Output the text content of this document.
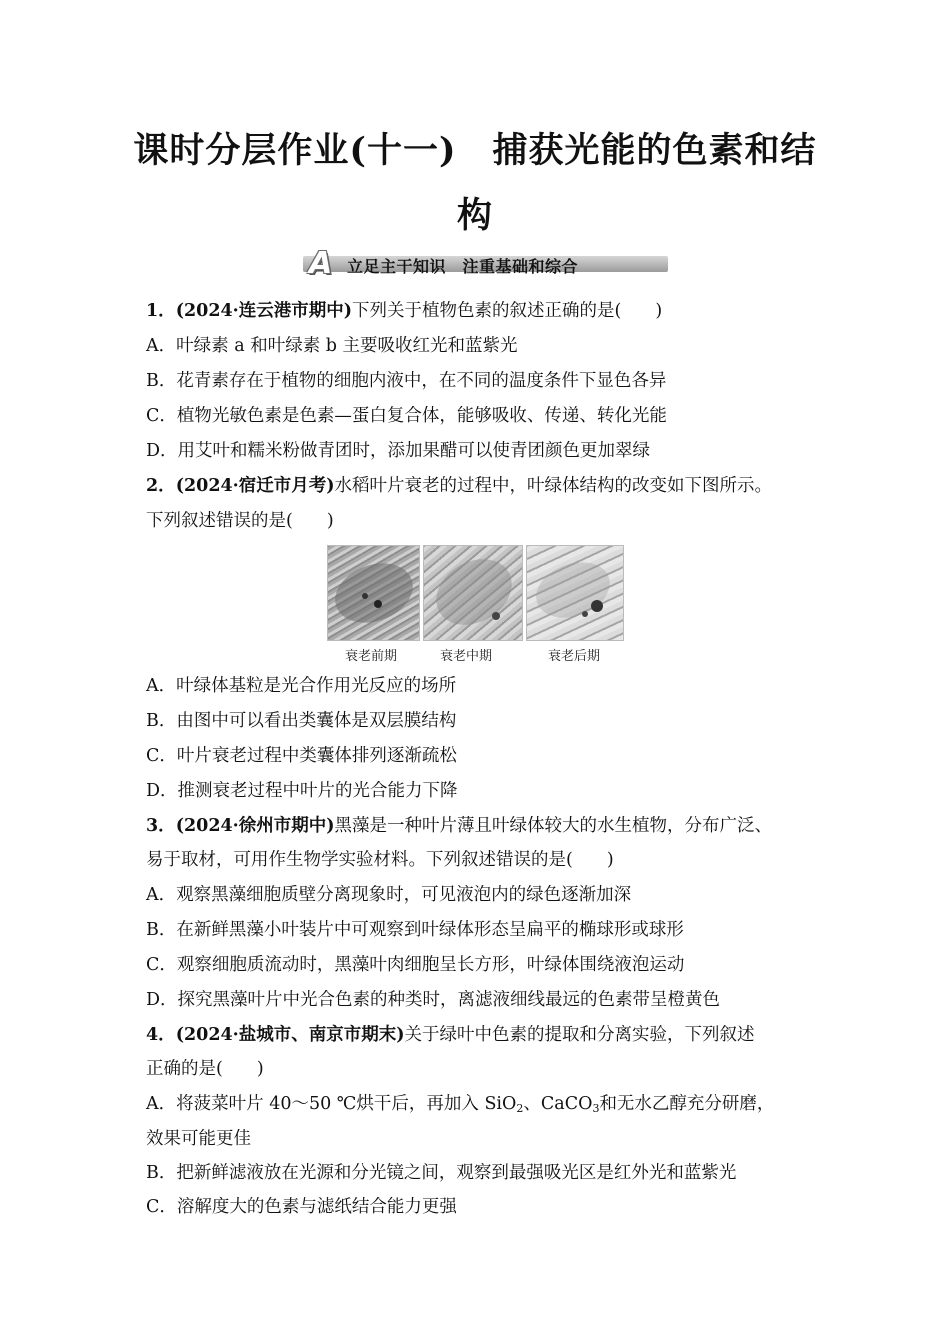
课时分层作业(十一) 捕获光能的色素和结
构
A 立足主干知识　注重基础和综合
1．(2024·连云港市期中)下列关于植物色素的叙述正确的是( )
A．叶绿素 a 和叶绿素 b 主要吸收红光和蓝紫光
B．花青素存在于植物的细胞内液中，在不同的温度条件下显色各异
C．植物光敏色素是色素—蛋白复合体，能够吸收、传递、转化光能
D．用艾叶和糯米粉做青团时，添加果醋可以使青团颜色更加翠绿
2．(2024·宿迁市月考)水稻叶片衰老的过程中，叶绿体结构的改变如下图所示。
下列叙述错误的是( )
衰老前期	衰老中期	衰老后期
A．叶绿体基粒是光合作用光反应的场所
B．由图中可以看出类囊体是双层膜结构
C．叶片衰老过程中类囊体排列逐渐疏松
D．推测衰老过程中叶片的光合能力下降
3．(2024·徐州市期中)黑藻是一种叶片薄且叶绿体较大的水生植物，分布广泛、
易于取材，可用作生物学实验材料。下列叙述错误的是( )
A．观察黑藻细胞质壁分离现象时，可见液泡内的绿色逐渐加深
B．在新鲜黑藻小叶装片中可观察到叶绿体形态呈扁平的椭球形或球形
C．观察细胞质流动时，黑藻叶肉细胞呈长方形，叶绿体围绕液泡运动
D．探究黑藻叶片中光合色素的种类时，离滤液细线最远的色素带呈橙黄色
4．(2024·盐城市、南京市期末)关于绿叶中色素的提取和分离实验，下列叙述
正确的是( )
A．将菠菜叶片 40～50 ℃烘干后，再加入 SiO$_2$、CaCO$_3$和无水乙醇充分研磨，
效果可能更佳
B．把新鲜滤液放在光源和分光镜之间，观察到最强吸光区是红外光和蓝紫光
C．溶解度大的色素与滤纸结合能力更强
